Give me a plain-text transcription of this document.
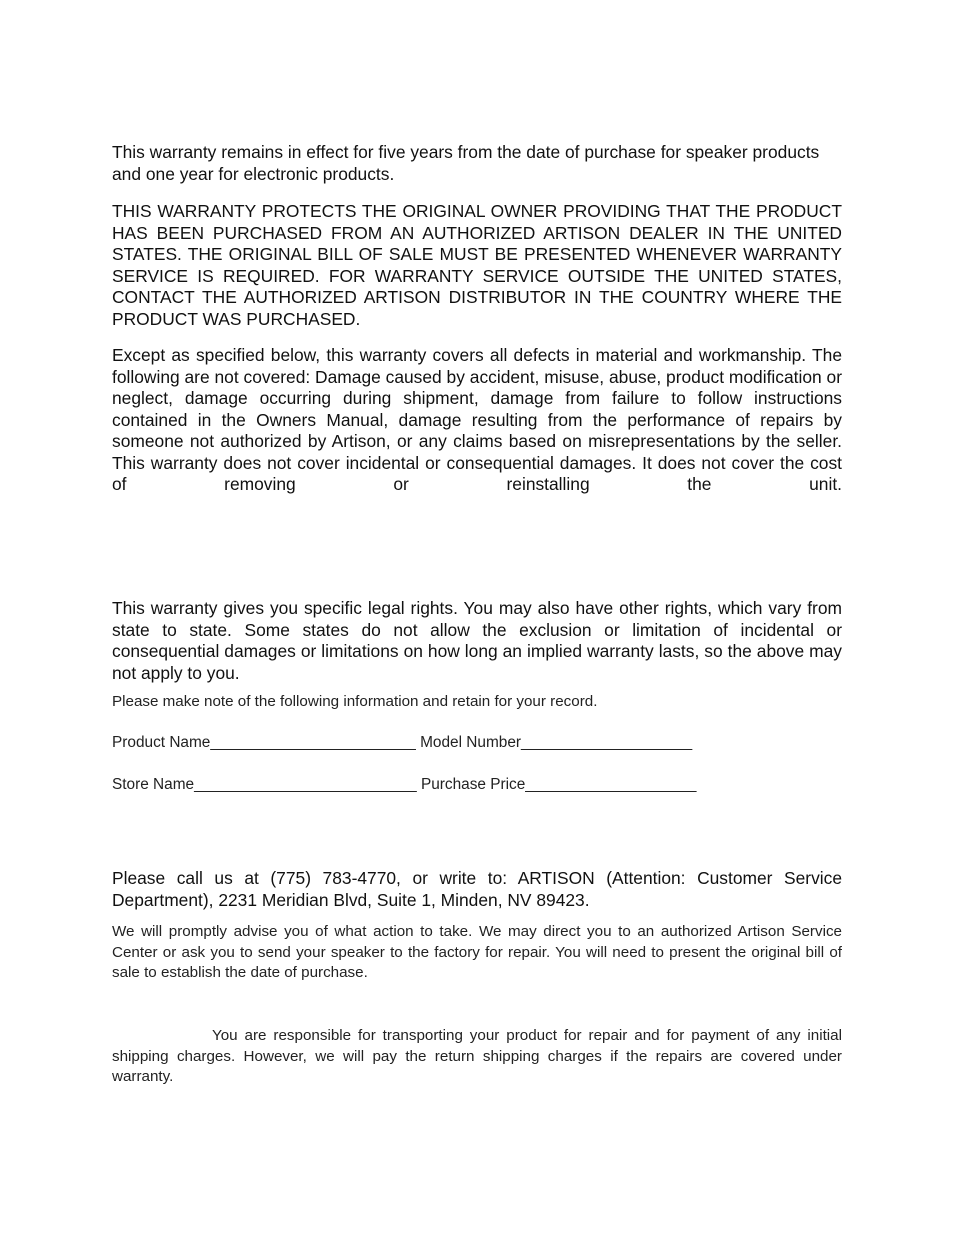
This warranty remains in effect for five years from the date of purchase for speaker products and one year for electronic products.

THIS WARRANTY PROTECTS THE ORIGINAL OWNER PROVIDING THAT THE PRODUCT HAS BEEN PURCHASED FROM AN AUTHORIZED ARTISON DEALER IN THE UNITED STATES. THE ORIGINAL BILL OF SALE MUST BE PRESENTED WHENEVER WARRANTY SERVICE IS REQUIRED. FOR WARRANTY SERVICE OUTSIDE THE UNITED STATES, CONTACT THE AUTHORIZED ARTISON DISTRIBUTOR IN THE COUNTRY WHERE THE PRODUCT WAS PURCHASED.

Except as specified below, this warranty covers all defects in material and workmanship. The following are not covered: Damage caused by accident, misuse, abuse, product modification or neglect, damage occurring during shipment, damage from failure to follow instructions contained in the Owners Manual, damage resulting from the performance of repairs by someone not authorized by Artison, or any claims based on misrepresentations by the seller. This warranty does not cover incidental or consequential damages. It does not cover the cost of removing or reinstalling the unit.

This warranty gives you specific legal rights. You may also have other rights, which vary from state to state. Some states do not allow the exclusion or limitation of incidental or consequential damages or limitations on how long an implied warranty lasts, so the above may not apply to you.

Please make note of the following information and retain for your record.

Product Name________________________ Model Number____________________
Store Name__________________________ Purchase Price____________________

Please call us at (775) 783-4770, or write to: ARTISON (Attention: Customer Service Department), 2231 Meridian Blvd, Suite 1, Minden, NV 89423.

We will promptly advise you of what action to take. We may direct you to an authorized Artison Service Center or ask you to send your speaker to the factory for repair. You will need to present the original bill of sale to establish the date of purchase.

You are responsible for transporting your product for repair and for payment of any initial shipping charges. However, we will pay the return shipping charges if the repairs are covered under warranty.
